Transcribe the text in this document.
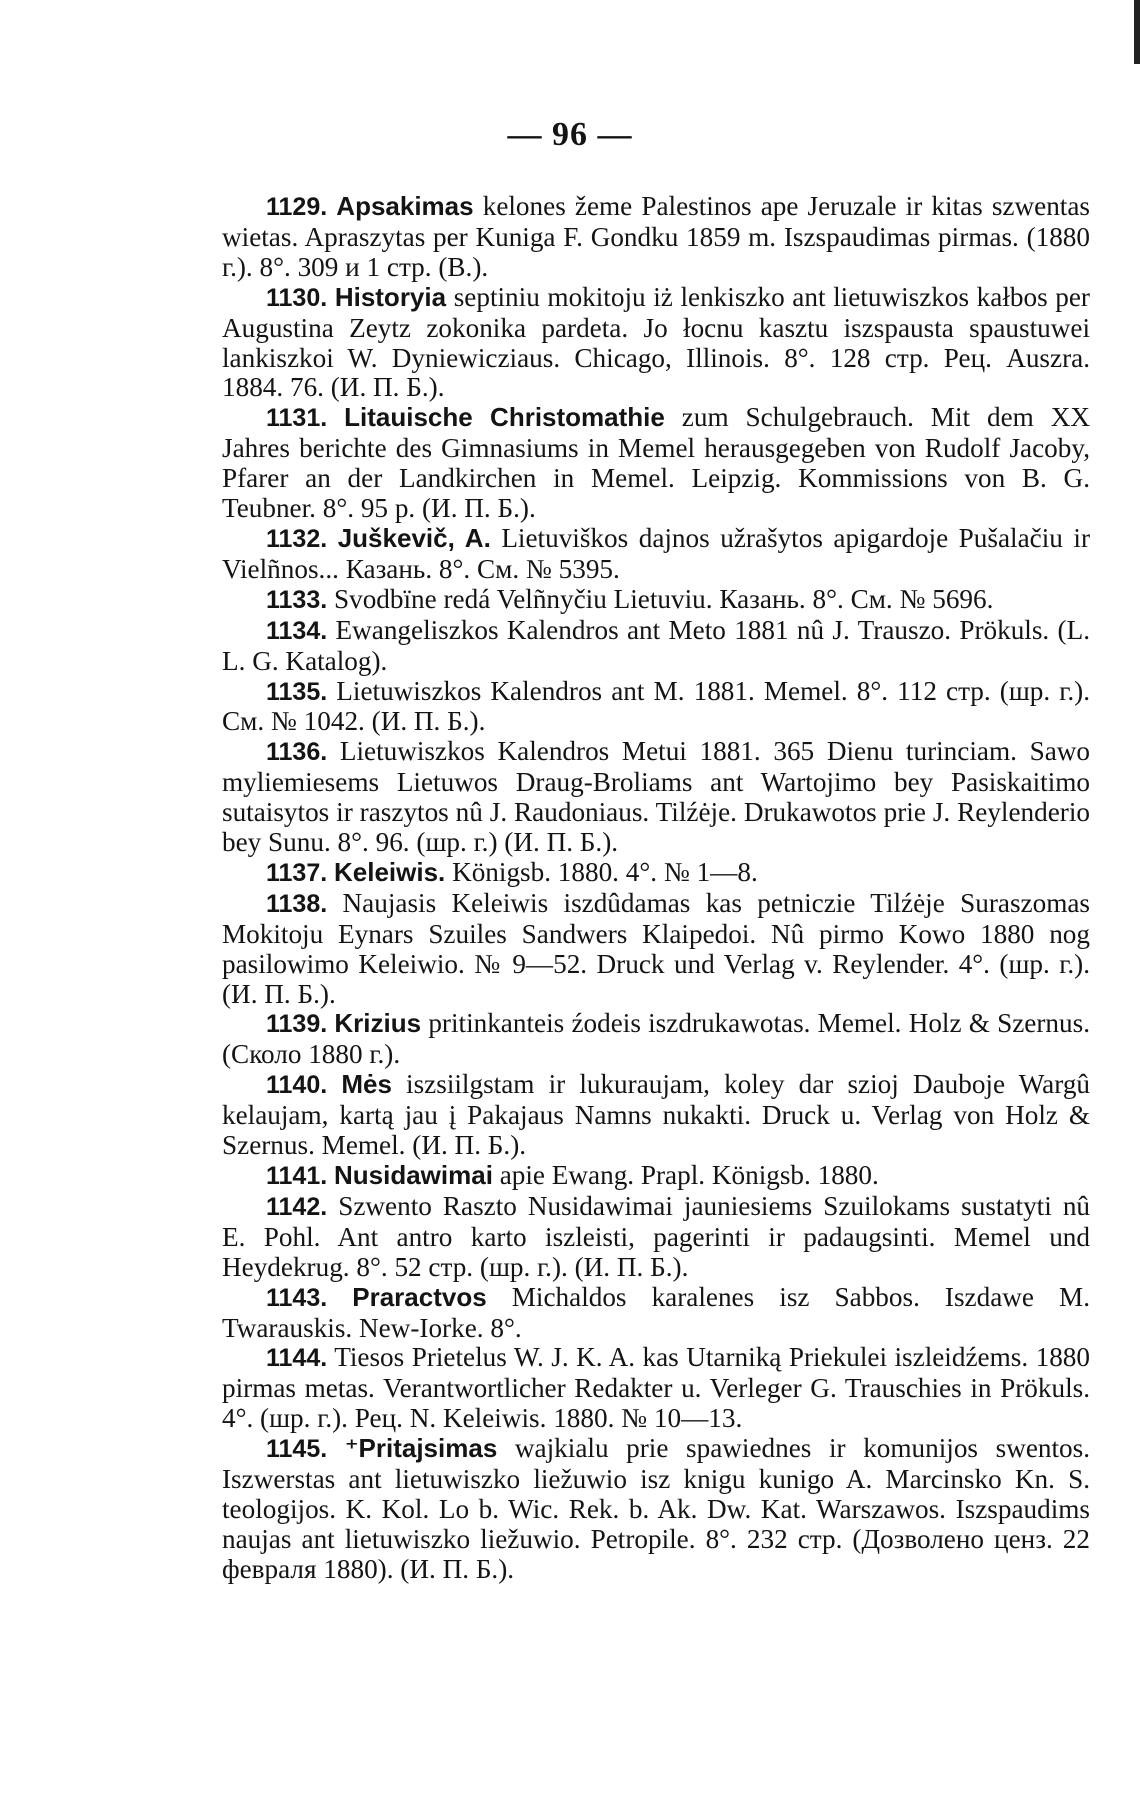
— 96 —

1129. Apsakimas kelones žeme Palestinos ape Jeruzale ir kitas szwentas wietas. Apraszytas per Kuniga F. Gondku 1859 m. Iszspaudimas pirmas. (1880 г.). 8°. 309 и 1 стр. (B.).

1130. Historyia septiniu mokitoju iż lenkiszko ant lietuwiszkos kałbos per Augustina Zeytz zokonika pardeta. Jo łocnu kasztu iszspausta spaustuwei lankiszkoi W. Dyniewicziaus. Chicago, Illinois. 8°. 128 стр. Рец. Auszra. 1884. 76. (И. П. Б.).

1131. Litauische Christomathie zum Schulgebrauch. Mit dem XX Jahres berichte des Gimnasiums in Memel herausgegeben von Rudolf Jacoby, Pfarer an der Landkirchen in Memel. Leipzig. Kommissions von B. G. Teubner. 8°. 95 p. (И. П. Б.).

1132. Juškevič, A. Lietuviškos dajnos užrašytos apigardoje Pušalačiu ir Vielñnos... Казань. 8°. См. № 5395.

1133. Svodbïne redá Velñnyčiu Lietuviu. Казань. 8°. См. № 5696.

1134. Ewangeliszkos Kalendros ant Meto 1881 nû J. Trauszo. Prökuls. (L. L. G. Katalog).

1135. Lietuwiszkos Kalendros ant M. 1881. Memel. 8°. 112 стр. (шр. г.). См. № 1042. (И. П. Б.).

1136. Lietuwiszkos Kalendros Metui 1881. 365 Dienu turinciam. Sawo myliemiesems Lietuwos Draug-Broliams ant Wartojimo bey Pasiskaitimo sutaisytos ir raszytos nû J. Raudoniaus. Tilźėje. Drukawotos prie J. Reylenderio bey Sunu. 8°. 96. (шр. г.) (И. П. Б.).

1137. Keleiwis. Königsb. 1880. 4°. № 1—8.

1138. Naujasis Keleiwis iszdûdamas kas petniczie Tilźėje Suraszomas Mokitoju Eynars Szuiles Sandwers Klaipedoi. Nû pirmo Kowo 1880 nog pasilowimo Keleiwio. № 9—52. Druck und Verlag v. Reylender. 4°. (шр. г.). (И. П. Б.).

1139. Krizius pritinkanteis źodeis iszdrukawotas. Memel. Holz & Szernus. (Сколо 1880 г.).

1140. Mės iszsiilgstam ir lukuraujam, koley dar szioj Dauboje Wargû kelaujam, kartą jau į Pakajaus Namns nukakti. Druck u. Verlag von Holz & Szernus. Memel. (И. П. Б.).

1141. Nusidawimai apie Ewang. Prapl. Königsb. 1880.

1142. Szwento Raszto Nusidawimai jauniesiems Szuilokams sustatyti nû E. Pohl. Ant antro karto iszleisti, pagerinti ir padaugsinti. Memel und Heydekrug. 8°. 52 стр. (шр. г.). (И. П. Б.).

1143. Praractvos Michaldos karalenes isz Sabbos. Iszdawe M. Twarauskis. New-Iorke. 8°.

1144. Tiesos Prietelus W. J. K. A. kas Utarniką Priekulei iszleidźems. 1880 pirmas metas. Verantwortlicher Redakter u. Verleger G. Trauschies in Prökuls. 4°. (шр. г.). Рец. N. Keleiwis. 1880. № 10—13.

1145. ⁺Pritajsimas wajkialu prie spawiednes ir komunijos swentos. Iszwerstas ant lietuwiszko liežuwio isz knigu kunigo A. Marcinsko Kn. S. teologijos. K. Kol. Lo b. Wic. Rek. b. Ak. Dw. Kat. Warszawos. Iszspaudims naujas ant lietuwiszko liežuwio. Petropile. 8°. 232 стр. (Дозволено ценз. 22 февраля 1880). (И. П. Б.).
